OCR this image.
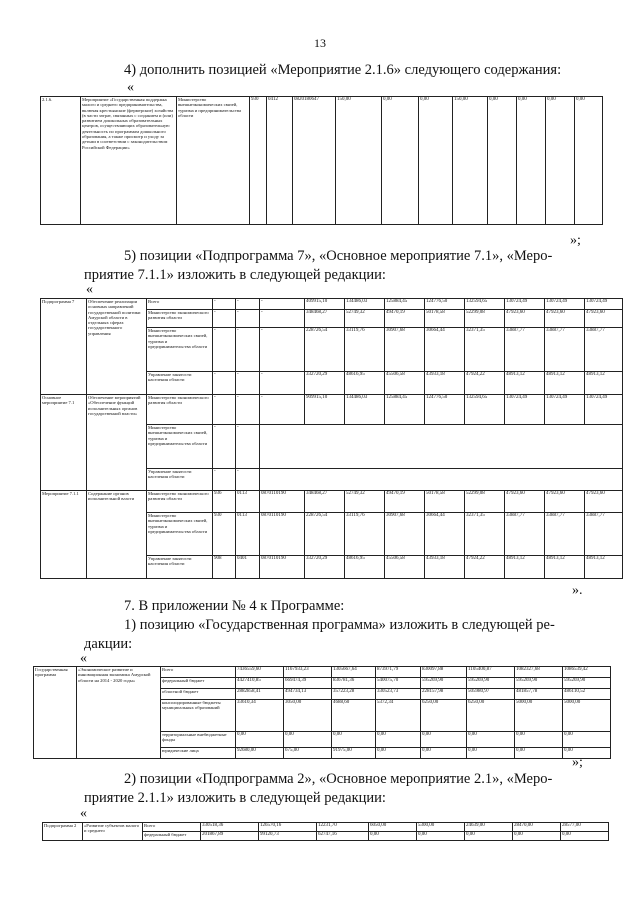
13
4) дополнить позицией «Мероприятие 2.1.6» следующего содержания:
«
2.1.6.	Мероприятие «Государственная поддержка малого и среднего предпринимательства, включая крестьянские (фермерские) хозяйства (в части затрат, связанных с созданием и (или) развитием дошкольных образовательных центров, осуществляющих образовательную деятельность по программам дошкольного образования, а также присмотр и уходу за детьми в соответствии с законодательством Российской Федерации»	Министерство внешнеэкономических связей, туризма и предпринимательства области	930	0412	0820180647	150,00	0,00	0,00	150,00	0,00	0,00	0,00	0,00
»;
5) позиции «Подпрограмма 7», «Основное мероприятие 7.1», «Меро-
приятие 7.1.1» изложить в следующей редакции:
«
Подпрограмма 7	Обеспечение реализации основных направлений государственной политики Амурской области в отдельных сферах государственного управления	Всего	-	-	-	409915,10	134486,03	125884,45	124776,50	132594,65	130724,49	130724,49	130724,49
		Министерство экономического развития области	-	-	-	348468,27	52749,32	49470,19	50178,58	52299,08	47923,60	47923,60	47923,60
		Министерство внешнеэкономических связей, туризма и предпринимательства области	-	-	-	228726,54	33119,76	30907,68	30664,44	32371,35	33887,77	33887,77	33887,77
		Управление занятости населения области	-	-	-	332720,29	48616,95	45506,58	43933,18	47924,22	48913,12	48913,12	48913,12
Основное мероприятие 7.1	Обеспечение мероприятий «Обеспечение функций исполнительных органов государственной власти»	Министерство экономического развития области	-	-	-	909915,10	134486,03	125884,45	124776,50	132594,65	130724,49	130724,49	130724,49
		Министерство внешнеэкономических связей, туризма и предпринимательства области	-	-									
		Управление занятости населения области	-	-									
Мероприятие 7.1.1	Содержание органов исполнительной власти	Министерство экономического развития области	936	0113	0870110190	348468,27	52749,32	49470,19	50178,58	52299,08	47923,60	47923,60	47923,60
		Министерство внешнеэкономических связей, туризма и предпринимательства области	930	0113	0870110190	228726,54	33119,76	30907,68	30664,44	32371,35	33887,77	33887,77	33887,77
		Управление занятости населения области	908	0401	0870110190	332720,29	48616,95	45506,58	43933,18	47924,22	48913,12	48913,12	48913,12
».
7. В приложении № 4 к Программе:
1) позицию «Государственная программа» изложить в следующей ре-
дакции:
«
Государственная программа	«Экономическое развитие и инновационная экономика Амурской области на 2014 - 2020 годы»	Всего	7436559,60	1167933,23	1305667,64	873971,79	830097,88	1105400,87	1082327,68	1086539,42
		федеральный бюджет	4427410,85	669474,39	836781,36	540075,70	595269,90	595269,90	595269,90	595269,90
		областной бюджет	2882858,41	494734,13	357223,28	330523,73	228157,98	505980,97	481857,78	486110,52
		консолидированные бюджеты муниципальных образований	33610,34	3050,00	4688,60	5372,34	6250,00	6250,00	5000,00	5000,00
		территориальные внебюджетные фонды	0,00	0,00	0,00	0,00	0,00	0,00	0,00	0,00
		юридические лица	92680,00	675,00	91975,00	0,00	0,00	0,00	0,00	0,00
»;
2) позиции «Подпрограмма 2», «Основное мероприятие 2.1», «Меро-
приятие 2.1.1» изложить в следующей редакции:
«
Подпрограмма 2	«Развитие субъектов малого и среднего	Всего	330518,36	126570,16	12231,70	6050,00	5300,00	24639,00	28470,00	28577,00
		федеральный бюджет	201867,89	99120,73	62747,16	0,00	0,00	0,00	0,00	0,00
